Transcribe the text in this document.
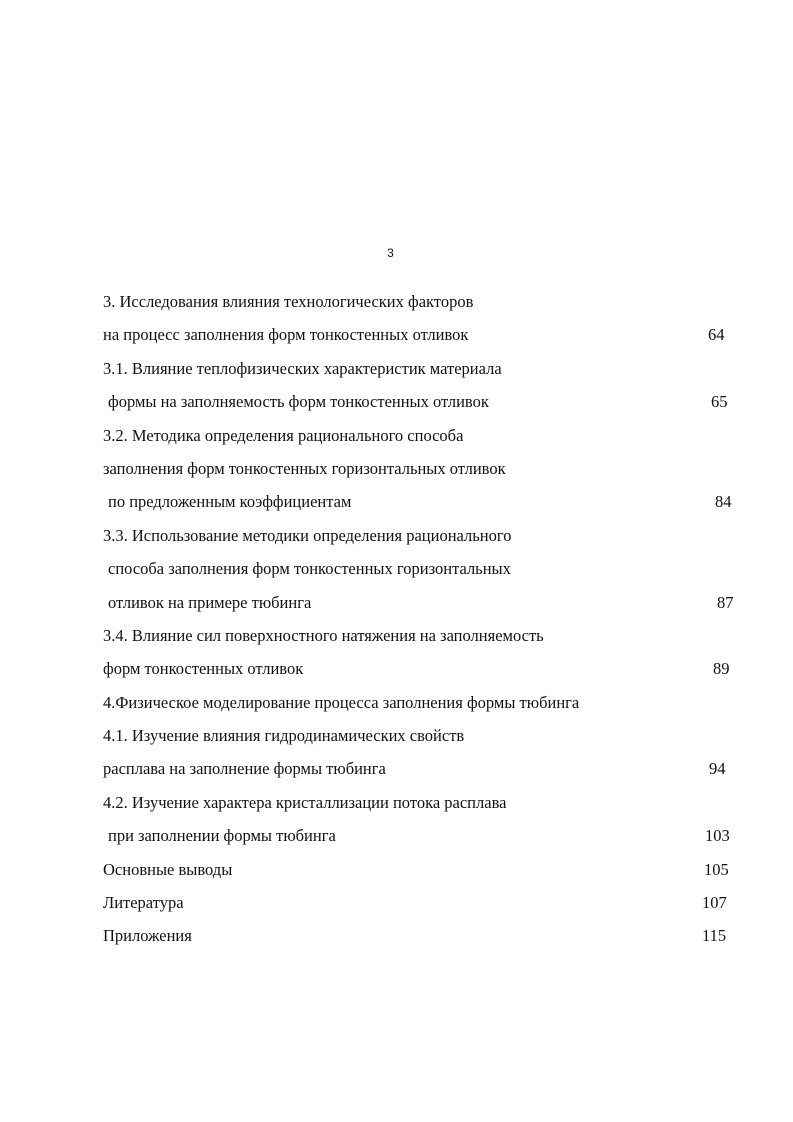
3
3. Исследования влияния технологических факторов
на процесс заполнения форм тонкостенных отливок	64
3.1. Влияние теплофизических характеристик материала
формы на заполняемость форм тонкостенных отливок	65
3.2. Методика определения рационального способа
заполнения форм тонкостенных горизонтальных отливок
по предложенным коэффициентам	84
3.3. Использование методики определения рационального
способа заполнения форм тонкостенных горизонтальных
отливок на примере тюбинга	87
3.4. Влияние сил поверхностного натяжения на заполняемость
форм тонкостенных отливок	89
4.Физическое моделирование процесса заполнения формы тюбинга
4.1. Изучение влияния гидродинамических свойств
расплава на заполнение формы тюбинга	94
4.2. Изучение характера кристаллизации потока расплава
при заполнении формы тюбинга	103
Основные выводы	105
Литература	107
Приложения	115
